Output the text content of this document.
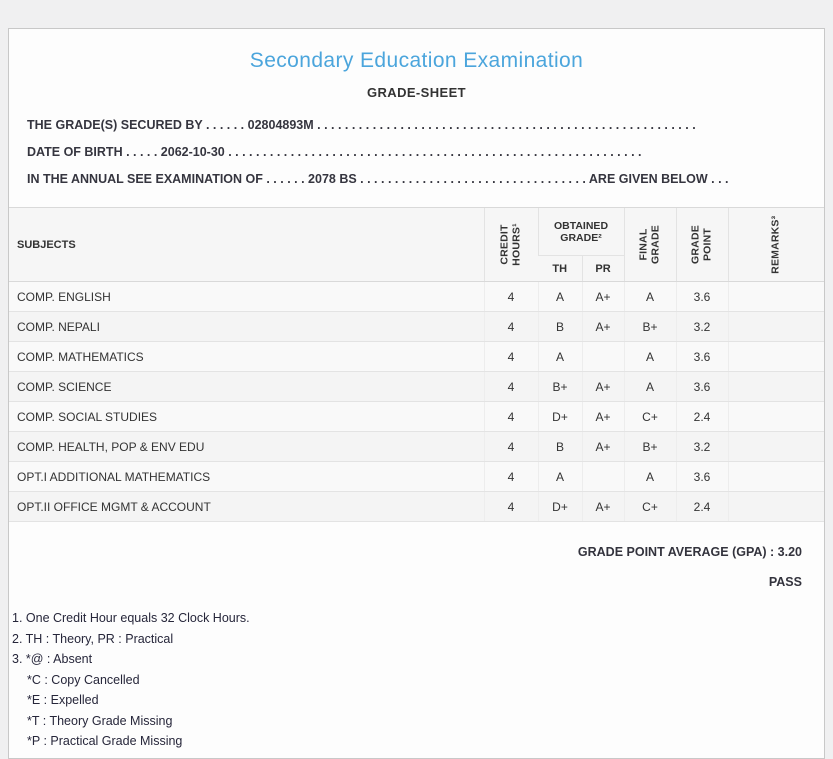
Secondary Education Examination
GRADE-SHEET
THE GRADE(S) SECURED BY . . . . . . 02804893M . . . . . . . . . . . . . . . . . . . . . . . . . . . . . . . . . . . . . . . . . . . . . . . . . . . . . . .
DATE OF BIRTH . . . . . 2062-10-30 . . . . . . . . . . . . . . . . . . . . . . . . . . . . . . . . . . . . . . . . . . . . . . . . . . . . . . . . . . . .
IN THE ANNUAL SEE EXAMINATION OF . . . . . . 2078 BS . . . . . . . . . . . . . . . . . . . . . . . . . . . . . . . . . ARE GIVEN BELOW . . .
SUBJECTS	CREDIT HOURS¹	OBTAINED GRADE²		FINAL GRADE	GRADE POINT	REMARKS³
		TH	PR			
COMP. ENGLISH	4	A	A+	A	3.6	
COMP. NEPALI	4	B	A+	B+	3.2	
COMP. MATHEMATICS	4	A		A	3.6	
COMP. SCIENCE	4	B+	A+	A	3.6	
COMP. SOCIAL STUDIES	4	D+	A+	C+	2.4	
COMP. HEALTH, POP & ENV EDU	4	B	A+	B+	3.2	
OPT.I ADDITIONAL MATHEMATICS	4	A		A	3.6	
OPT.II OFFICE MGMT & ACCOUNT	4	D+	A+	C+	2.4	
GRADE POINT AVERAGE (GPA) : 3.20
PASS
1. One Credit Hour equals 32 Clock Hours.
2. TH : Theory, PR : Practical
3. *@ : Absent
*C : Copy Cancelled
*E : Expelled
*T : Theory Grade Missing
*P : Practical Grade Missing
